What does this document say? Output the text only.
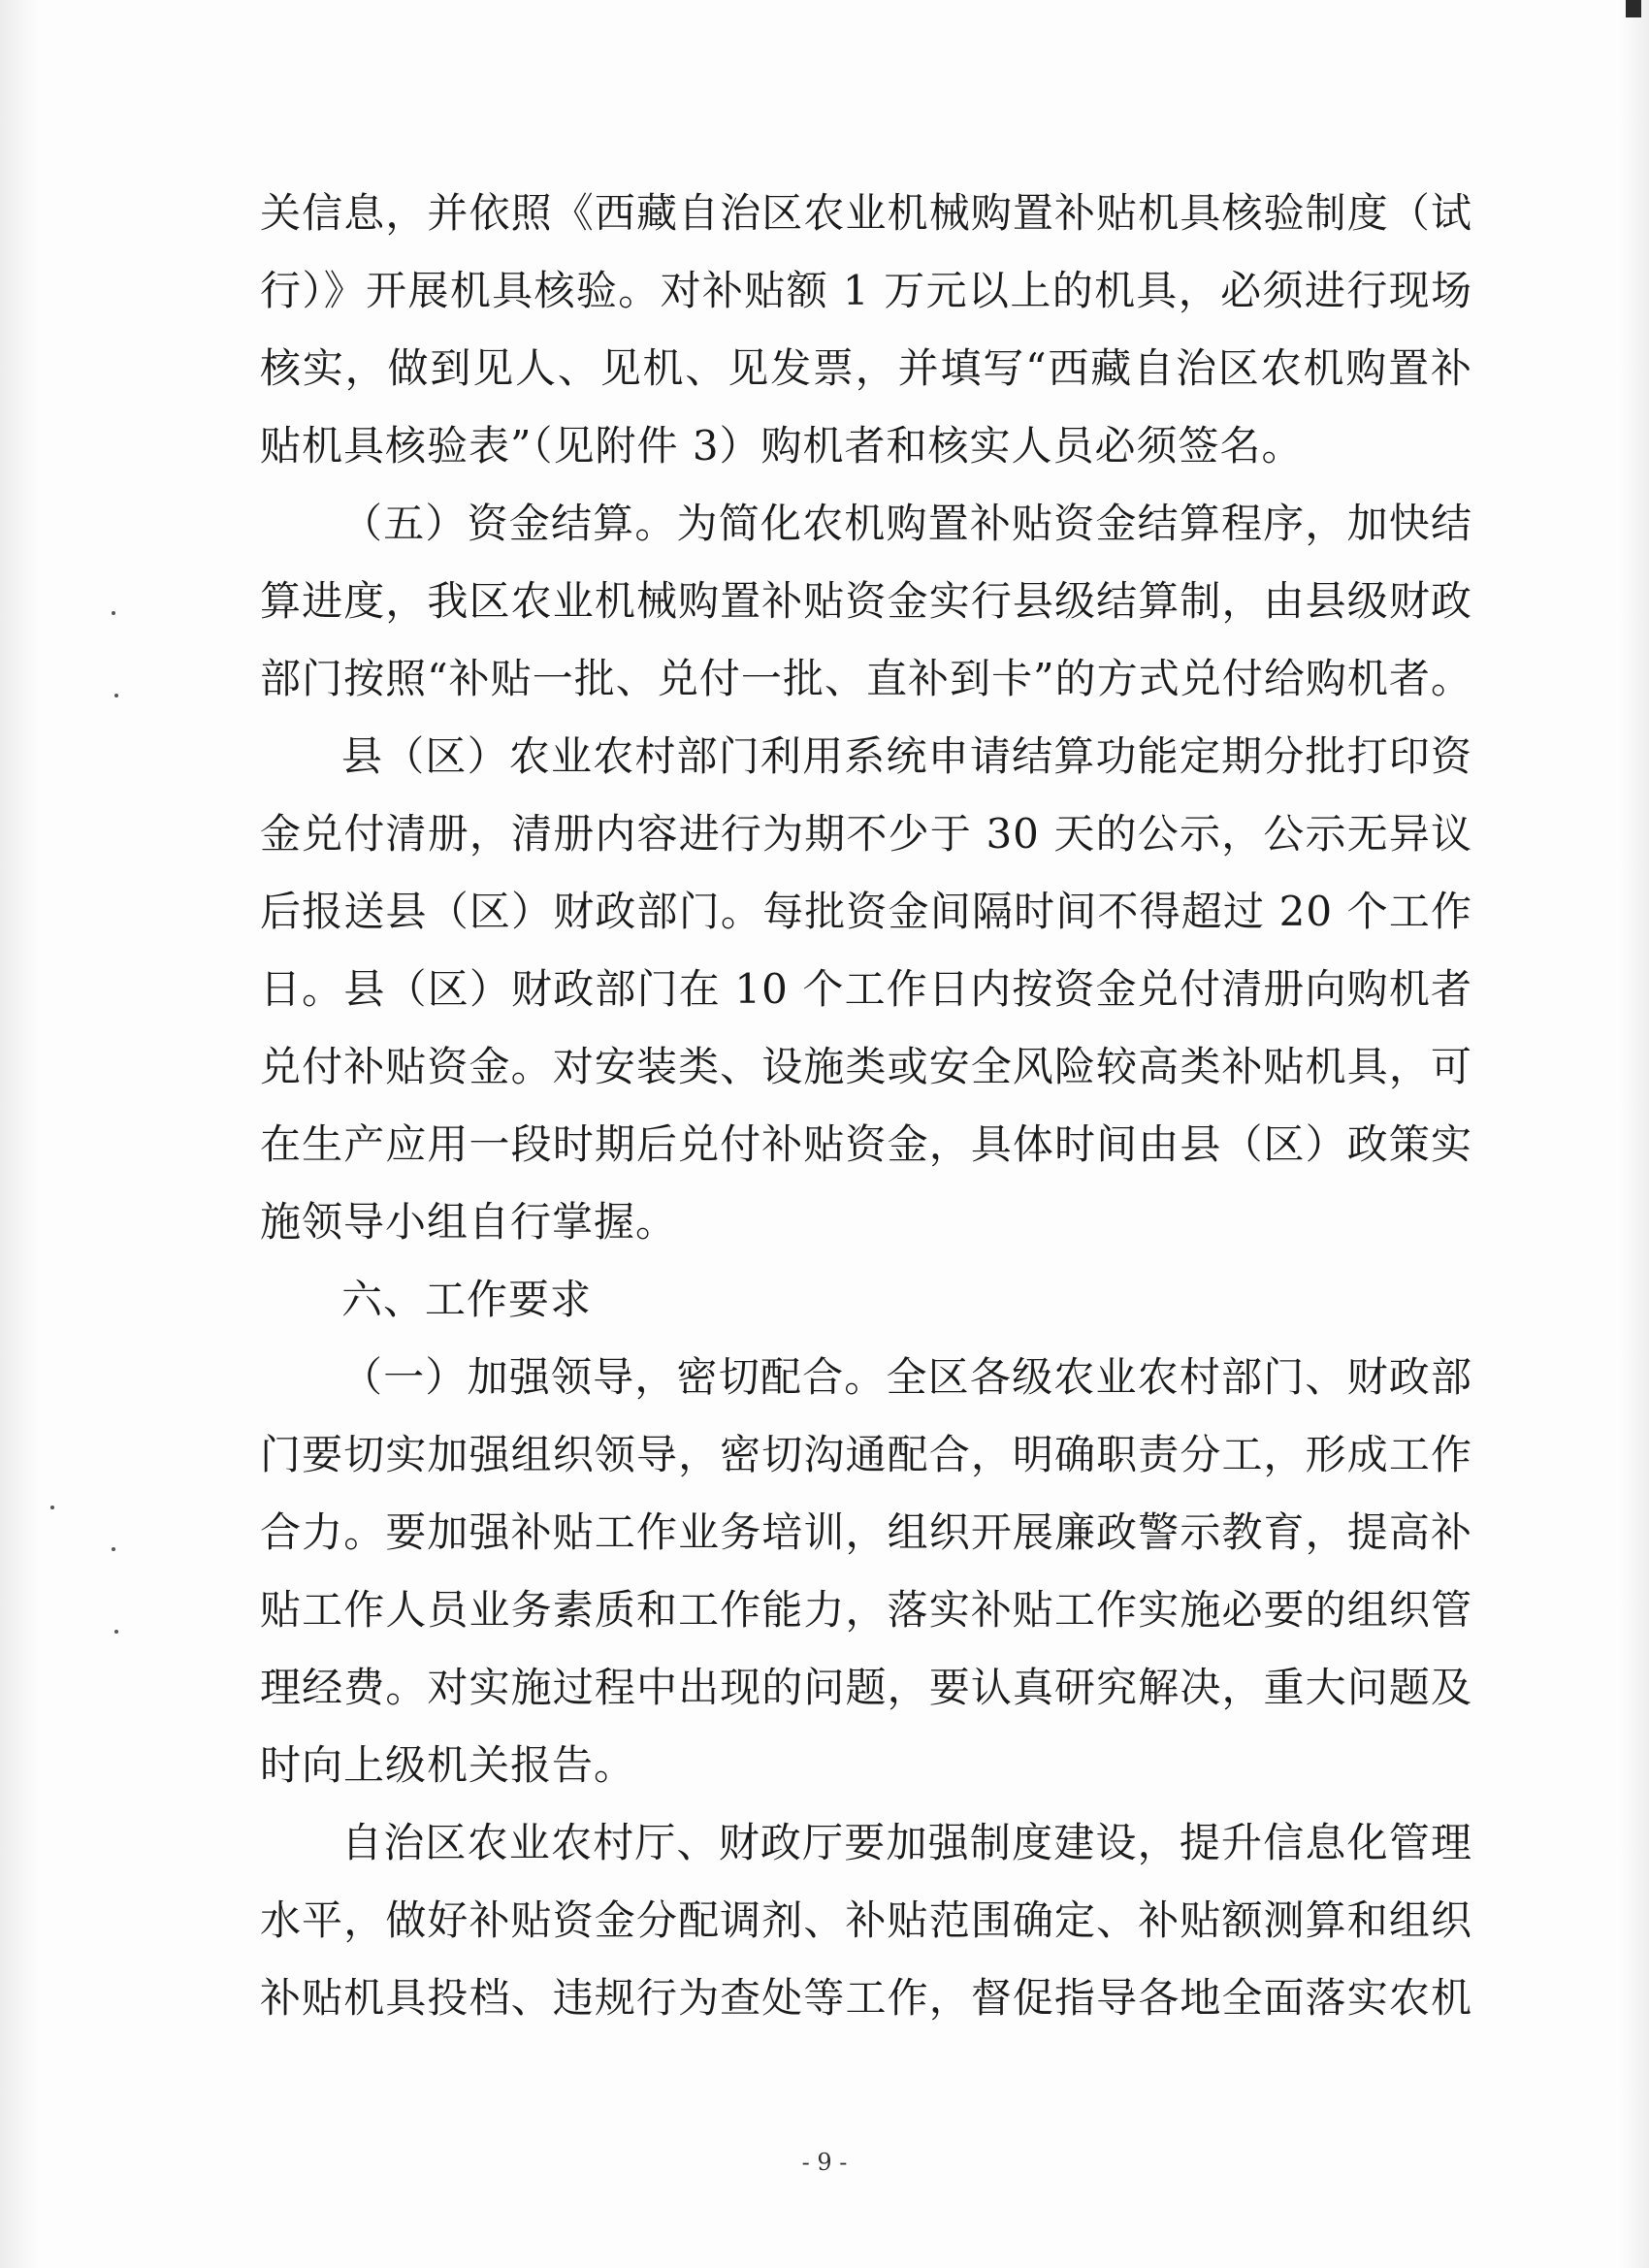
关信息，并依照《西藏自治区农业机械购置补贴机具核验制度（试
行）》开展机具核验。对补贴额 1 万元以上的机具，必须进行现场
核实，做到见人、见机、见发票，并填写“西藏自治区农机购置补
贴机具核验表”（见附件 3）购机者和核实人员必须签名。
（五）资金结算。为简化农机购置补贴资金结算程序，加快结
算进度，我区农业机械购置补贴资金实行县级结算制，由县级财政
部门按照“补贴一批、兑付一批、直补到卡”的方式兑付给购机者。
县（区）农业农村部门利用系统申请结算功能定期分批打印资
金兑付清册，清册内容进行为期不少于 30 天的公示，公示无异议
后报送县（区）财政部门。每批资金间隔时间不得超过 20 个工作
日。县（区）财政部门在 10 个工作日内按资金兑付清册向购机者
兑付补贴资金。对安装类、设施类或安全风险较高类补贴机具，可
在生产应用一段时期后兑付补贴资金，具体时间由县（区）政策实
施领导小组自行掌握。
六、工作要求
（一）加强领导，密切配合。全区各级农业农村部门、财政部
门要切实加强组织领导，密切沟通配合，明确职责分工，形成工作
合力。要加强补贴工作业务培训，组织开展廉政警示教育，提高补
贴工作人员业务素质和工作能力，落实补贴工作实施必要的组织管
理经费。对实施过程中出现的问题，要认真研究解决，重大问题及
时向上级机关报告。
自治区农业农村厅、财政厅要加强制度建设，提升信息化管理
水平，做好补贴资金分配调剂、补贴范围确定、补贴额测算和组织
补贴机具投档、违规行为查处等工作，督促指导各地全面落实农机
- 9 -
